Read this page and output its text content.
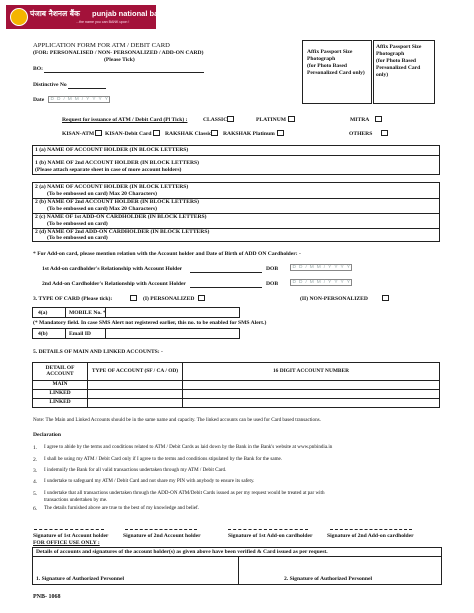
पंजाब नैशनल बैंक punjab national bank
...the name you can BANK upon !
APPLICATION FORM FOR ATM / DEBIT CARD
(FOR: PERSONALISED / NON- PERSONALIZED / ADD-ON CARD)
(Please Tick)
BO:
Distinctive No
Date	D D / M M / Y Y Y Y
Affix Passport Size
Photograph
(for Photo Based
Personalized Card only)
Affix Passport Size
Photograph
(for Photo Based
Personalized Card
only)
Request for issuance of ATM / Debit Card (Pl Tick) :	CLASSIC	PLATINUM	MITRA
KISAN-ATM KISAN-Debit Card RAKSHAK Classic RAKSHAK Platinum	OTHERS
1 (a) NAME OF ACCOUNT HOLDER (IN BLOCK LETTERS)
1 (b) NAME OF 2nd ACCOUNT HOLDER (IN BLOCK LETTERS)
(Please attach separate sheet in case of more account holders)
2 (a) NAME OF ACCOUNT HOLDER (IN BLOCK LETTERS)
(To be embossed on card) Max 20 Characters)
2 (b) NAME OF 2nd ACCOUNT HOLDER (IN BLOCK LETTERS)
(To be embossed on card) Max 20 Characters)
2 (c) NAME OF 1st ADD-ON CARDHOLDER (IN BLOCK LETTERS)
(To be embossed on card)
2 (d) NAME OF 2nd ADD-ON CARDHOLDER (IN BLOCK LETTERS)
(To be embossed on card)
* For Add-on card, please mention relation with the Account holder and Date of Birth of ADD ON Cardholder: -
1st Add-on cardholder's Relationship with Account Holder	DOB	D D / M M / Y Y Y Y
2nd Add-on Cardholder's Relationship with Account Holder	DOB	D D / M M / Y Y Y Y
3. TYPE OF CARD (Please tick):	(I) PERSONALIZED	(II) NON-PERSONALIZED
4(a)	MOBILE No. *
(* Mandatory field. In case SMS Alert not registered earlier, this no. to be enabled for SMS Alert.)
4(b)	Email ID
5. DETAILS OF MAIN AND LINKED ACCOUNTS: -
DETAIL OF ACCOUNT	TYPE OF ACCOUNT (SF / CA / OD)	16 DIGIT ACCOUNT NUMBER
MAIN		
LINKED		
LINKED		
Note: The Main and Linked Accounts should be in the same name and capacity. The linked accounts can be used for Card based transactions.
Declaration
1. I agree to abide by the terms and conditions related to ATM / Debit Cards as laid down by the Bank in the Bank's website at www.pnbindia.in
2. I shall be using my ATM / Debit Card only if I agree to the terms and conditions stipulated by the Bank for the same.
3. I indemnify the Bank for all valid transactions undertaken through my ATM / Debit Card.
4. I undertake to safeguard my ATM / Debit Card and not share my PIN with anybody to ensure its safety.
5. I undertake that all transactions undertaken through the ADD-ON ATM/Debit Cards issued as per my request would be treated at par with
transactions undertaken by me.
6. The details furnished above are true to the best of my knowledge and belief.
Signature of 1st Account holder	Signature of 2nd Account holder	Signature of 1st Add-on cardholder	Signature of 2nd Add-on cardholder
FOR OFFICE USE ONLY :
Details of accounts and signatures of the account holder(s) as given above have been verified & Card issued as per request.
1. Signature of Authorized Personnel	2. Signature of Authorized Personnel
PNB- 1068
